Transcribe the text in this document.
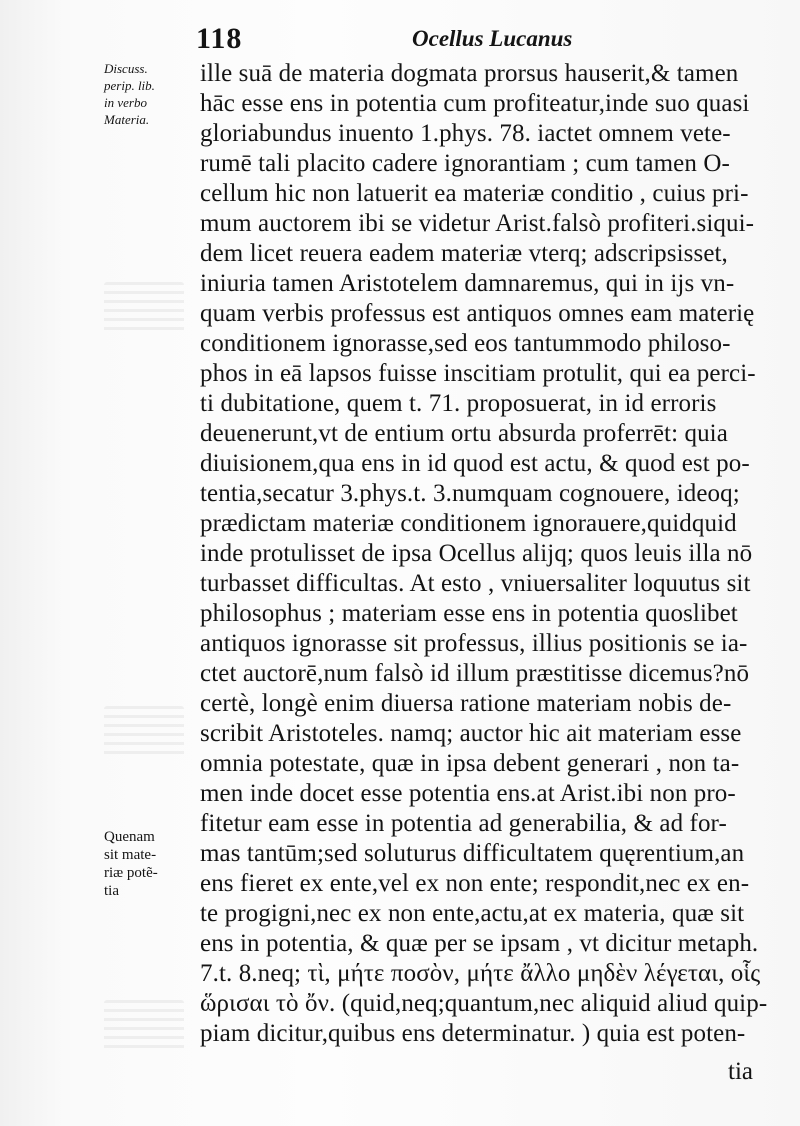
118	Ocellus Lucanus
Discuss.
perip. lib.
in verbo
Materia.
Quenam
sit mate-
riæ potẽ-
tia
ille suā de materia dogmata prorsus hauserit,& tamen
hāc esse ens in potentia cum profiteatur,inde suo quasi
gloriabundus inuento 1.phys. 78. iactet omnem vete-
rumē tali placito cadere ignorantiam ; cum tamen O-
cellum hic non latuerit ea materiæ conditio , cuius pri-
mum auctorem ibi se videtur Arist.falsò profiteri.siqui-
dem licet reuera eadem materiæ vterq; adscripsisset,
iniuria tamen Aristotelem damnaremus, qui in ijs vn-
quam verbis professus est antiquos omnes eam materię
conditionem ignorasse,sed eos tantummodo philoso-
phos in eā lapsos fuisse inscitiam protulit, qui ea perci-
ti dubitatione, quem t. 71. proposuerat, in id erroris
deuenerunt,vt de entium ortu absurda proferrēt: quia
diuisionem,qua ens in id quod est actu, & quod est po-
tentia,secatur 3.phys.t. 3.numquam cognouere, ideoq;
prædictam materiæ conditionem ignorauere,quidquid
inde protulisset de ipsa Ocellus alijq; quos leuis illa nō
turbasset difficultas. At esto , vniuersaliter loquutus sit
philosophus ; materiam esse ens in potentia quoslibet
antiquos ignorasse sit professus, illius positionis se ia-
ctet auctorē,num falsò id illum præstitisse dicemus?nō
certè, longè enim diuersa ratione materiam nobis de-
scribit Aristoteles. namq; auctor hic ait materiam esse
omnia potestate, quæ in ipsa debent generari , non ta-
men inde docet esse potentia ens.at Arist.ibi non pro-
fitetur eam esse in potentia ad generabilia, & ad for-
mas tantūm;sed soluturus difficultatem quęrentium,an
ens fieret ex ente,vel ex non ente; respondit,nec ex en-
te progigni,nec ex non ente,actu,at ex materia, quæ sit
ens in potentia, & quæ per se ipsam , vt dicitur metaph.
7.t. 8.neq; τὶ, μήτε ποσὸν, μήτε ἄλλο μηδὲν λέγεται, οἷς
ὥρισαι τὸ ὄν. (quid,neq;quantum,nec aliquid aliud quip-
piam dicitur,quibus ens determinatur. ) quia est poten-
tia
